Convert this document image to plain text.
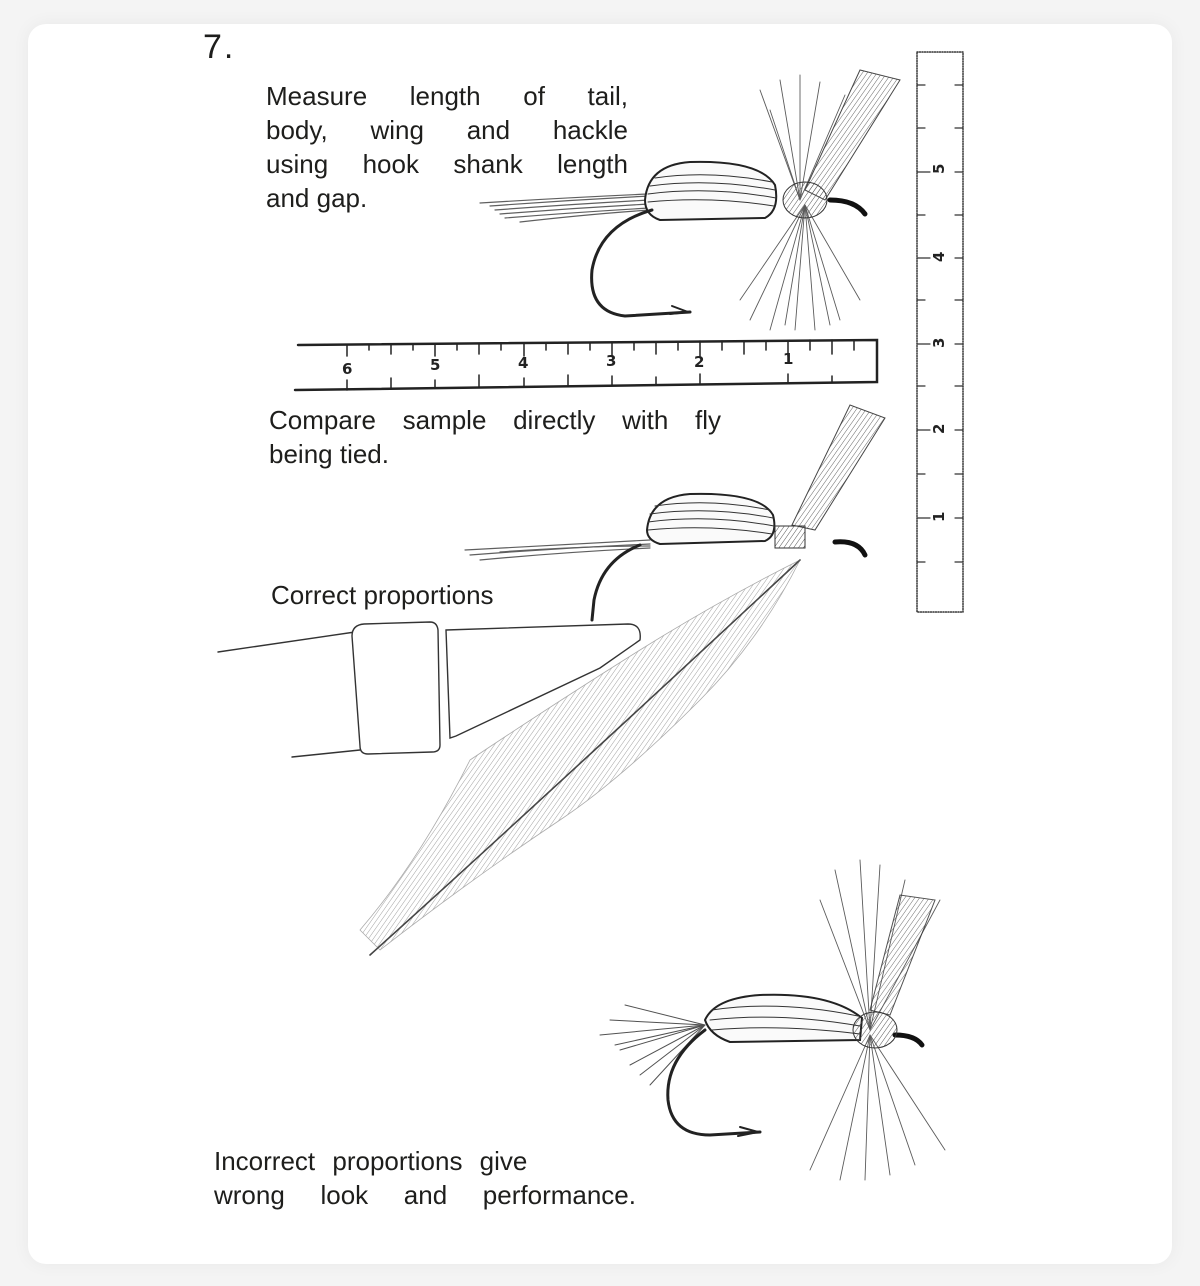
7.
Measure length of tail,
body, wing and hackle
using hook shank length
and gap.
Compare sample directly with fly
being tied.
Correct proportions
Incorrect proportions give
wrong look and performance.
6	5	4	3	2	1
1
2
3
4
5
